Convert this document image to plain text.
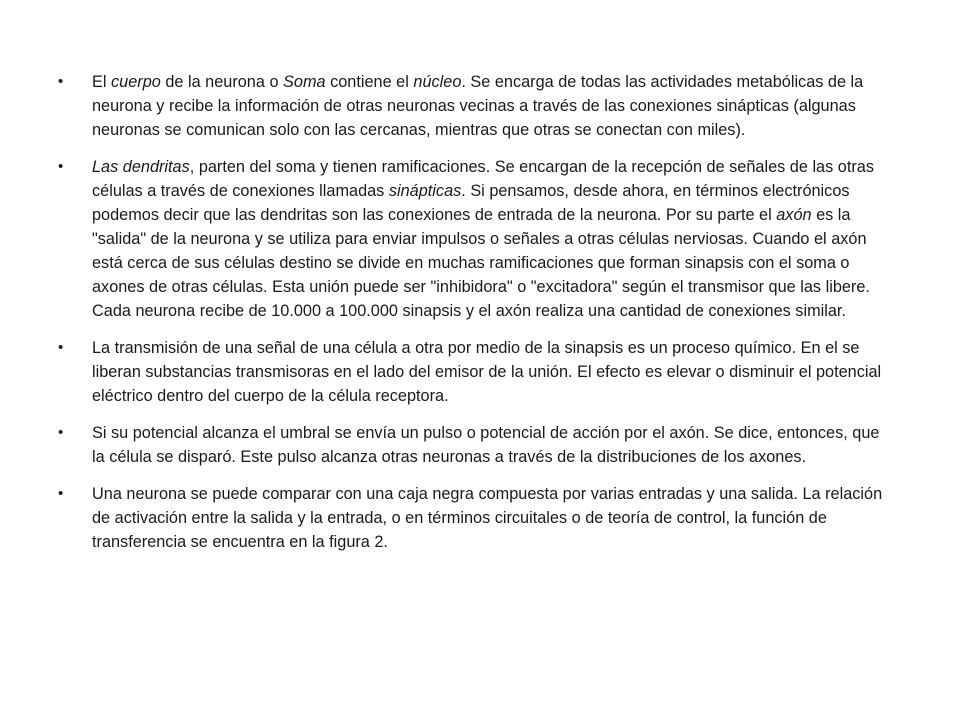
• El cuerpo de la neurona o Soma contiene el núcleo. Se encarga de todas las actividades metabólicas de la neurona y recibe la información de otras neuronas vecinas a través de las conexiones sinápticas (algunas neuronas se comunican solo con las cercanas, mientras que otras se conectan con miles).
• Las dendritas, parten del soma y tienen ramificaciones. Se encargan de la recepción de señales de las otras células a través de conexiones llamadas sinápticas. Si pensamos, desde ahora, en términos electrónicos podemos decir que las dendritas son las conexiones de entrada de la neurona. Por su parte el axón es la "salida" de la neurona y se utiliza para enviar impulsos o señales a otras células nerviosas. Cuando el axón está cerca de sus células destino se divide en muchas ramificaciones que forman sinapsis con el soma o axones de otras células. Esta unión puede ser "inhibidora" o "excitadora" según el transmisor que las libere. Cada neurona recibe de 10.000 a 100.000 sinapsis y el axón realiza una cantidad de conexiones similar.
• La transmisión de una señal de una célula a otra por medio de la sinapsis es un proceso químico. En el se liberan substancias transmisoras en el lado del emisor de la unión. El efecto es elevar o disminuir el potencial eléctrico dentro del cuerpo de la célula receptora.
• Si su potencial alcanza el umbral se envía un pulso o potencial de acción por el axón. Se dice, entonces, que la célula se disparó. Este pulso alcanza otras neuronas a través de la distribuciones de los axones.
• Una neurona se puede comparar con una caja negra compuesta por varias entradas y una salida. La relación de activación entre la salida y la entrada, o en términos circuitales o de teoría de control, la función de transferencia se encuentra en la figura 2.
